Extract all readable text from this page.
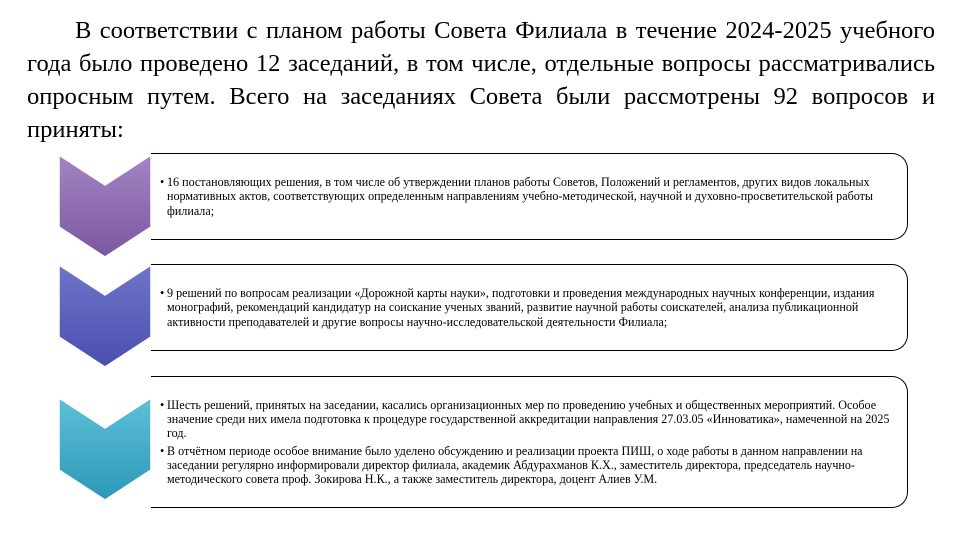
В соответствии с планом работы Совета Филиала в течение 2024-2025 учебного года было проведено 12 заседаний, в том числе, отдельные вопросы рассматривались опросным путем. Всего на заседаниях Совета были рассмотрены 92 вопросов и приняты:

• 16 постановляющих решения, в том числе об утверждении планов работы Советов, Положений и регламентов, других видов локальных нормативных актов, соответствующих определенным направлениям учебно-методической, научной и духовно-просветительской работы филиала;

• 9 решений по вопросам реализации «Дорожной карты науки», подготовки и проведения международных научных конференции, издания монографий, рекомендаций кандидатур на соискание ученых званий, развитие научной работы соискателей, анализа публикационной активности преподавателей и другие вопросы научно-исследовательской деятельности Филиала;

• Шесть решений, принятых на заседании, касались организационных мер по проведению учебных и общественных мероприятий. Особое значение среди них имела подготовка к процедуре государственной аккредитации направления 27.03.05 «Инноватика», намеченной на 2025 год.

• В отчётном периоде особое внимание было уделено обсуждению и реализации проекта ПИШ, о ходе работы в данном направлении на заседании регулярно информировали директор филиала, академик Абдурахманов К.Х., заместитель директора, председатель научно-методического совета проф. Зокирова Н.К., а также заместитель директора, доцент Алиев У.М.
